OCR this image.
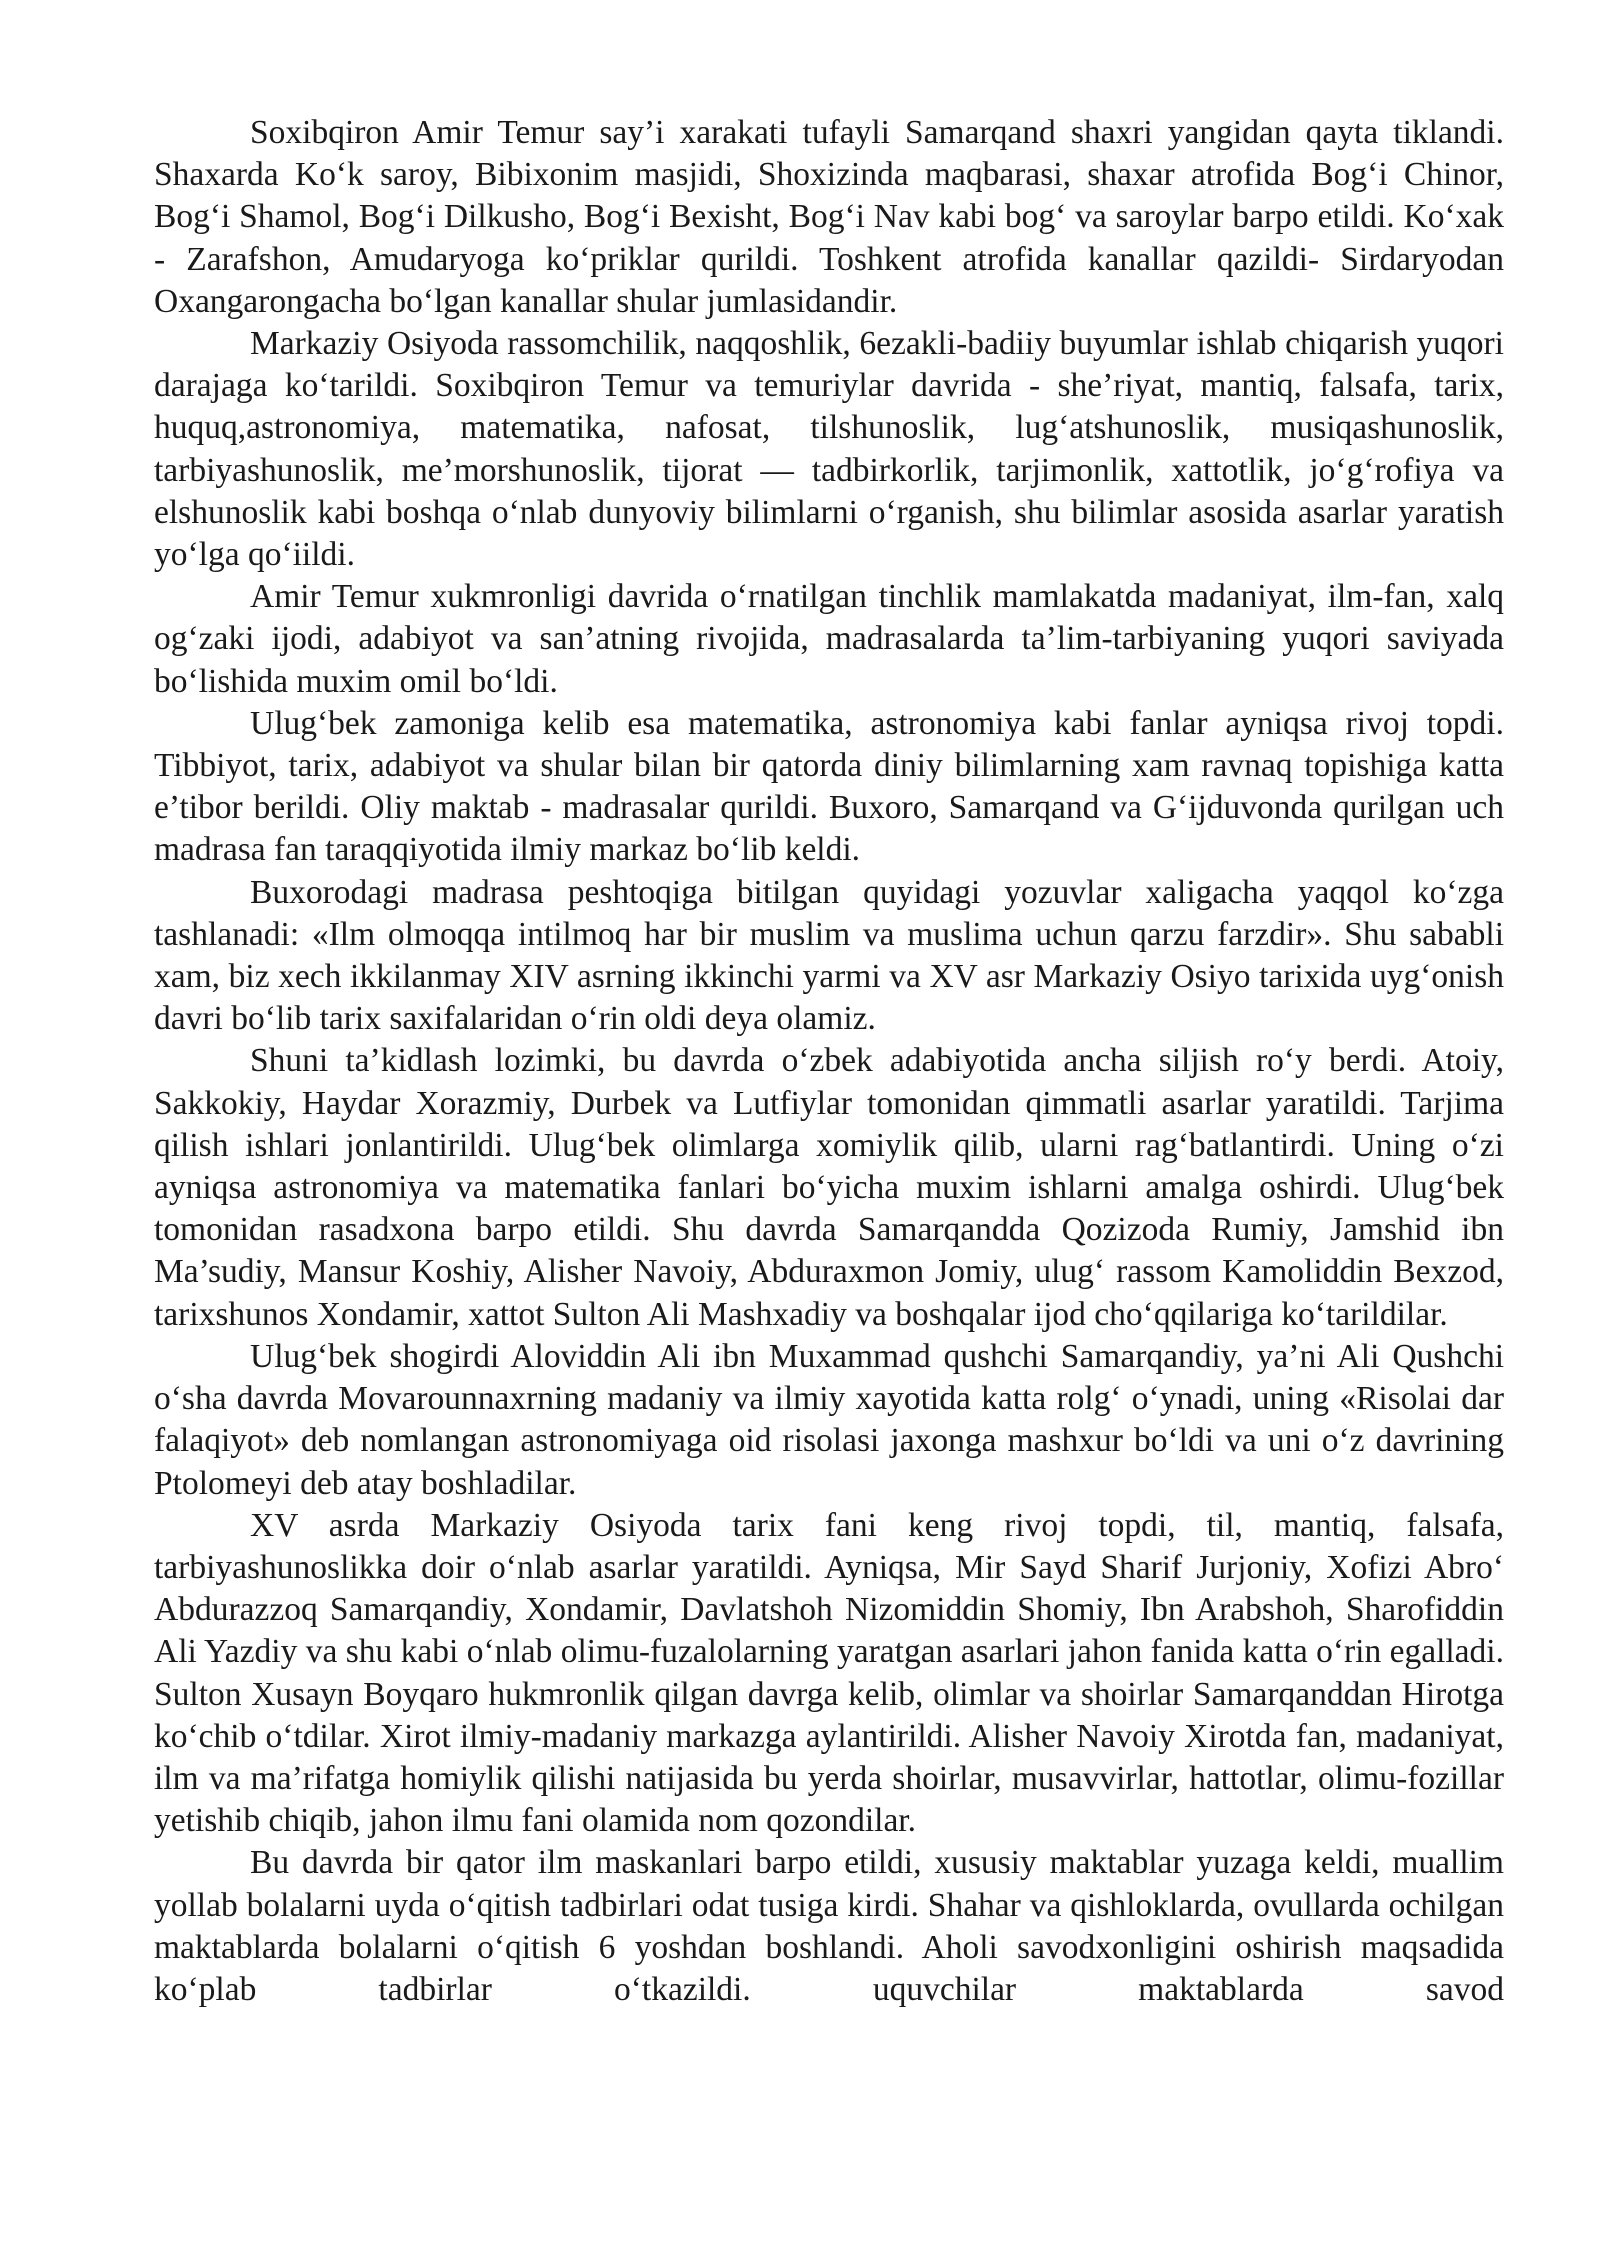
Soxibqiron Amir Temur say’i xarakati tufayli Samarqand shaxri yangidan qayta tiklandi. Shaxarda Ko‘k saroy, Bibixonim masjidi, Shoxizinda maqbarasi, shaxar atrofida Bog‘i Chinor, Bog‘i Shamol, Bog‘i Dilkusho, Bog‘i Bexisht, Bog‘i Nav kabi bog‘ va saroylar barpo etildi. Ko‘xak - Zarafshon, Amudaryoga ko‘priklar qurildi. Toshkent atrofida kanallar qazildi- Sirdaryodan Oxangarongacha bo‘lgan kanallar shular jumlasidandir.

Markaziy Osiyoda rassomchilik, naqqoshlik, 6ezakli-badiiy buyumlar ishlab chiqarish yuqori darajaga ko‘tarildi. Soxibqiron Temur va temuriylar davrida - she’riyat, mantiq, falsafa, tarix, huquq,astronomiya, matematika, nafosat, tilshunoslik, lug‘atshunoslik, musiqashunoslik, tarbiyashunoslik, me’morshunoslik, tijorat — tadbirkorlik, tarjimonlik, xattotlik, jo‘g‘rofiya va elshunoslik kabi boshqa o‘nlab dunyoviy bilimlarni o‘rganish, shu bilimlar asosida asarlar yaratish yo‘lga qo‘iildi.

Amir Temur xukmronligi davrida o‘rnatilgan tinchlik mamlakatda madaniyat, ilm-fan, xalq og‘zaki ijodi, adabiyot va san’atning rivojida, madrasalarda ta’lim-tarbiyaning yuqori saviyada bo‘lishida muxim omil bo‘ldi.

Ulug‘bek zamoniga kelib esa matematika, astronomiya kabi fanlar ayniqsa rivoj topdi. Tibbiyot, tarix, adabiyot va shular bilan bir qatorda diniy bilimlarning xam ravnaq topishiga katta e’tibor berildi. Oliy maktab - madrasalar qurildi. Buxoro, Samarqand va G‘ijduvonda qurilgan uch madrasa fan taraqqiyotida ilmiy markaz bo‘lib keldi.

Buxorodagi madrasa peshtoqiga bitilgan quyidagi yozuvlar xaligacha yaqqol ko‘zga tashlanadi: «Ilm olmoqqa intilmoq har bir muslim va muslima uchun qarzu farzdir». Shu sababli xam, biz xech ikkilanmay XIV asrning ikkinchi yarmi va XV asr Markaziy Osiyo tarixida uyg‘onish davri bo‘lib tarix saxifalaridan o‘rin oldi deya olamiz.

Shuni ta’kidlash lozimki, bu davrda o‘zbek adabiyotida ancha siljish ro‘y berdi. Atoiy, Sakkokiy, Haydar Xorazmiy, Durbek va Lutfiylar tomonidan qimmatli asarlar yaratildi. Tarjima qilish ishlari jonlantirildi. Ulug‘bek olimlarga xomiylik qilib, ularni rag‘batlantirdi. Uning o‘zi ayniqsa astronomiya va matematika fanlari bo‘yicha muxim ishlarni amalga oshirdi. Ulug‘bek tomonidan rasadxona barpo etildi. Shu davrda Samarqandda Qozizoda Rumiy, Jamshid ibn Ma’sudiy, Mansur Koshiy, Alisher Navoiy, Abduraxmon Jomiy, ulug‘ rassom Kamoliddin Bexzod, tarixshunos Xondamir, xattot Sulton Ali Mashxadiy va boshqalar ijod cho‘qqilariga ko‘tarildilar.

Ulug‘bek shogirdi Aloviddin Ali ibn Muxammad qushchi Samarqandiy, ya’ni Ali Qushchi o‘sha davrda Movarounnaxrning madaniy va ilmiy xayotida katta rolg‘ o‘ynadi, uning «Risolai dar falaqiyot» deb nomlangan astronomiyaga oid risolasi jaxonga mashxur bo‘ldi va uni o‘z davrining Ptolomeyi deb atay boshladilar.

XV asrda Markaziy Osiyoda tarix fani keng rivoj topdi, til, mantiq, falsafa, tarbiyashunoslikka doir o‘nlab asarlar yaratildi. Ayniqsa, Mir Sayd Sharif Jurjoniy, Xofizi Abro‘ Abdurazzoq Samarqandiy, Xondamir, Davlatshoh Nizomiddin Shomiy, Ibn Arabshoh, Sharofiddin Ali Yazdiy va shu kabi o‘nlab olimu-fuzalolarning yaratgan asarlari jahon fanida katta o‘rin egalladi. Sulton Xusayn Boyqaro hukmronlik qilgan davrga kelib, olimlar va shoirlar Samarqanddan Hirotga ko‘chib o‘tdilar. Xirot ilmiy-madaniy markazga aylantirildi. Alisher Navoiy Xirotda fan, madaniyat, ilm va ma’rifatga homiylik qilishi natijasida bu yerda shoirlar, musavvirlar, hattotlar, olimu-fozillar yetishib chiqib, jahon ilmu fani olamida nom qozondilar.

Bu davrda bir qator ilm maskanlari barpo etildi, xususiy maktablar yuzaga keldi, muallim yollab bolalarni uyda o‘qitish tadbirlari odat tusiga kirdi. Shahar va qishloklarda, ovullarda ochilgan maktablarda bolalarni o‘qitish 6 yoshdan boshlandi. Aholi savodxonligini oshirish maqsadida ko‘plab tadbirlar o‘tkazildi. uquvchilar maktablarda savod
